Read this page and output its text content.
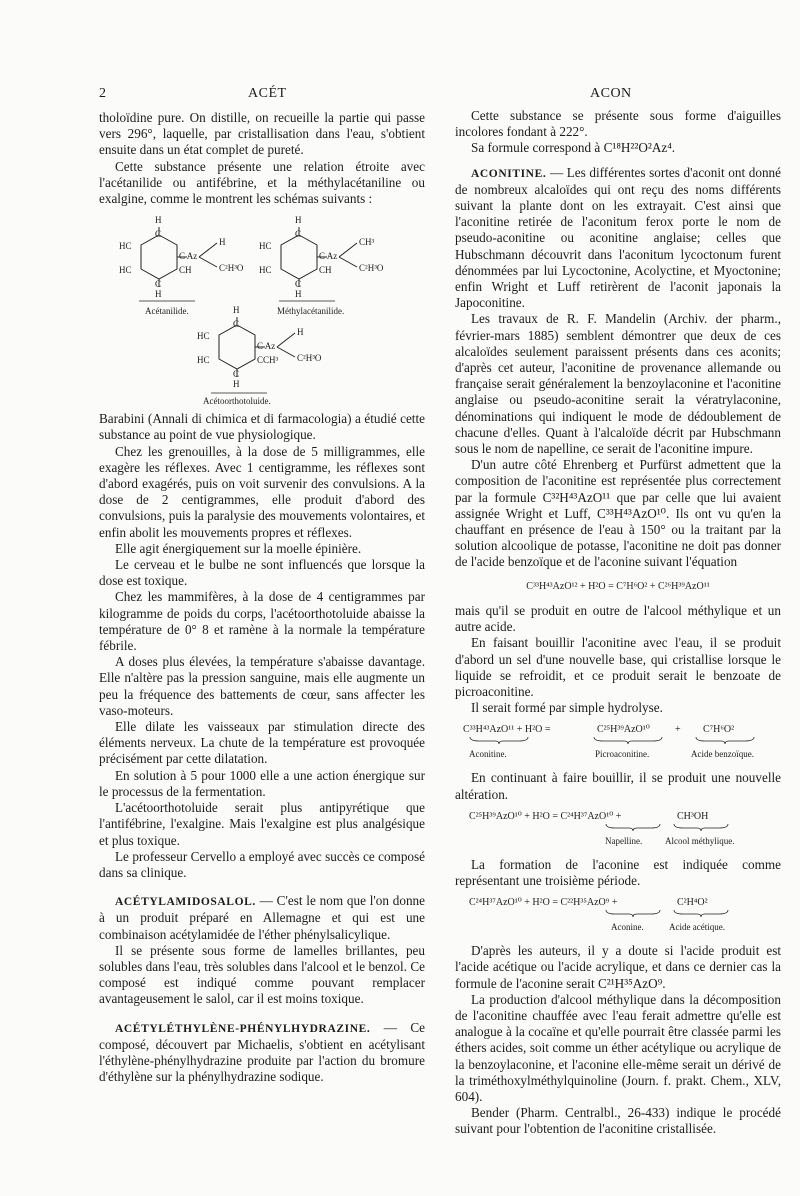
2	ACÉT	ACON

tholoïdine pure. On distille, on recueille la partie qui passe vers 296°, laquelle, par cristallisation dans l'eau, s'obtient ensuite dans un état complet de pureté.

Cette substance présente une relation étroite avec l'acétanilide ou antifébrine, et la méthylacétaniline ou exalgine, comme le montrent les schémas suivants :

H
C
HC
HC
C Az
CH
C
H
H
C²H³O
H
C
HC
HC
C Az
CH
C
H
CH³
C²H³O
H
C
HC
HC
C Az
CCH³
C
H
H
C²H³O
Acétanilide.	Méthylacétanilide.
Acétoorthotoluide.

Barabini (Annali di chimica et di farmacologia) a étudié cette substance au point de vue physiologique.

Chez les grenouilles, à la dose de 5 milligrammes, elle exagère les réflexes. Avec 1 centigramme, les réflexes sont d'abord exagérés, puis on voit survenir des convulsions. A la dose de 2 centigrammes, elle produit d'abord des convulsions, puis la paralysie des mouvements volontaires, et enfin abolit les mouvements propres et réflexes.

Elle agit énergiquement sur la moelle épinière.

Le cerveau et le bulbe ne sont influencés que lorsque la dose est toxique.

Chez les mammifères, à la dose de 4 centigrammes par kilogramme de poids du corps, l'acétoorthotoluide abaisse la température de 0° 8 et ramène à la normale la température fébrile.

A doses plus élevées, la température s'abaisse davantage. Elle n'altère pas la pression sanguine, mais elle augmente un peu la fréquence des battements de cœur, sans affecter les vaso-moteurs.

Elle dilate les vaisseaux par stimulation directe des éléments nerveux. La chute de la température est provoquée précisément par cette dilatation.

En solution à 5 pour 1000 elle a une action énergique sur le processus de la fermentation.

L'acétoorthotoluide serait plus antipyrétique que l'antifébrine, l'exalgine. Mais l'exalgine est plus analgésique et plus toxique.

Le professeur Cervello a employé avec succès ce composé dans sa clinique.

ACÉTYLAMIDOSALOL. — C'est le nom que l'on donne à un produit préparé en Allemagne et qui est une combinaison acétylamidée de l'éther phénylsalicylique.

Il se présente sous forme de lamelles brillantes, peu solubles dans l'eau, très solubles dans l'alcool et le benzol. Ce composé est indiqué comme pouvant remplacer avantageusement le salol, car il est moins toxique.

ACÉTYLÉTHYLÈNE-PHÉNYLHYDRAZINE. — Ce composé, découvert par Michaelis, s'obtient en acétylisant l'éthylène-phénylhydrazine produite par l'action du bromure d'éthylène sur la phénylhydrazine sodique.

Cette substance se présente sous forme d'aiguilles incolores fondant à 222°.

Sa formule correspond à C¹⁸H²²O²Az⁴.

ACONITINE. — Les différentes sortes d'aconit ont donné de nombreux alcaloïdes qui ont reçu des noms différents suivant la plante dont on les extrayait. C'est ainsi que l'aconitine retirée de l'aconitum ferox porte le nom de pseudo-aconitine ou aconitine anglaise; celles que Hubschmann découvrit dans l'aconitum lycoctonum furent dénommées par lui Lycoctonine, Acolyctine, et Myoctonine; enfin Wright et Luff retirèrent de l'aconit japonais la Japoconitine.

Les travaux de R. F. Mandelin (Archiv. der pharm., février-mars 1885) semblent démontrer que deux de ces alcaloïdes seulement paraissent présents dans ces aconits; d'après cet auteur, l'aconitine de provenance allemande ou française serait généralement la benzoylaconine et l'aconitine anglaise ou pseudo-aconitine serait la vératrylaconine, dénominations qui indiquent le mode de dédoublement de chacune d'elles. Quant à l'alcaloïde décrit par Hubschmann sous le nom de napelline, ce serait de l'aconitine impure.

D'un autre côté Ehrenberg et Purfürst admettent que la composition de l'aconitine est représentée plus correctement par la formule C³²H⁴³AzO¹¹ que par celle que lui avaient assignée Wright et Luff, C³³H⁴³AzO¹⁰. Ils ont vu qu'en la chauffant en présence de l'eau à 150° ou la traitant par la solution alcoolique de potasse, l'aconitine ne doit pas donner de l'acide benzoïque et de l'aconine suivant l'équation

C³³H⁴³AzO¹² + H²O = C⁷H⁶O² + C²⁶H³⁹AzO¹¹

mais qu'il se produit en outre de l'alcool méthylique et un autre acide.

En faisant bouillir l'aconitine avec l'eau, il se produit d'abord un sel d'une nouvelle base, qui cristallise lorsque le liquide se refroidit, et ce produit serait le benzoate de picroaconitine.

Il serait formé par simple hydrolyse.

C³³H⁴³AzO¹¹ + H²O =	C²⁵H³⁹AzO¹⁰	+ C⁷H⁶O²
Aconitine.	Picroaconitine.	Acide benzoïque.

En continuant à faire bouillir, il se produit une nouvelle altération.

C²⁵H³⁹AzO¹⁰ + H²O = C²⁴H³⁷AzO¹⁰ +	CH³OH
Napelline.	Alcool méthylique.

La formation de l'aconine est indiquée comme représentant une troisième période.

C²⁴H³⁷AzO¹⁰ + H²O = C²²H³⁵AzO⁹ +	C²H⁴O²
Aconine.	Acide acétique.

D'après les auteurs, il y a doute si l'acide produit est l'acide acétique ou l'acide acrylique, et dans ce dernier cas la formule de l'aconine serait C²¹H³⁵AzO⁹.

La production d'alcool méthylique dans la décomposition de l'aconitine chauffée avec l'eau ferait admettre qu'elle est analogue à la cocaïne et qu'elle pourrait être classée parmi les éthers acides, soit comme un éther acétylique ou acrylique de la benzoylaconine, et l'aconine elle-même serait un dérivé de la triméthoxylméthylquinoline (Journ. f. prakt. Chem., XLV, 604).

Bender (Pharm. Centralbl., 26-433) indique le procédé suivant pour l'obtention de l'aconitine cristallisée.
